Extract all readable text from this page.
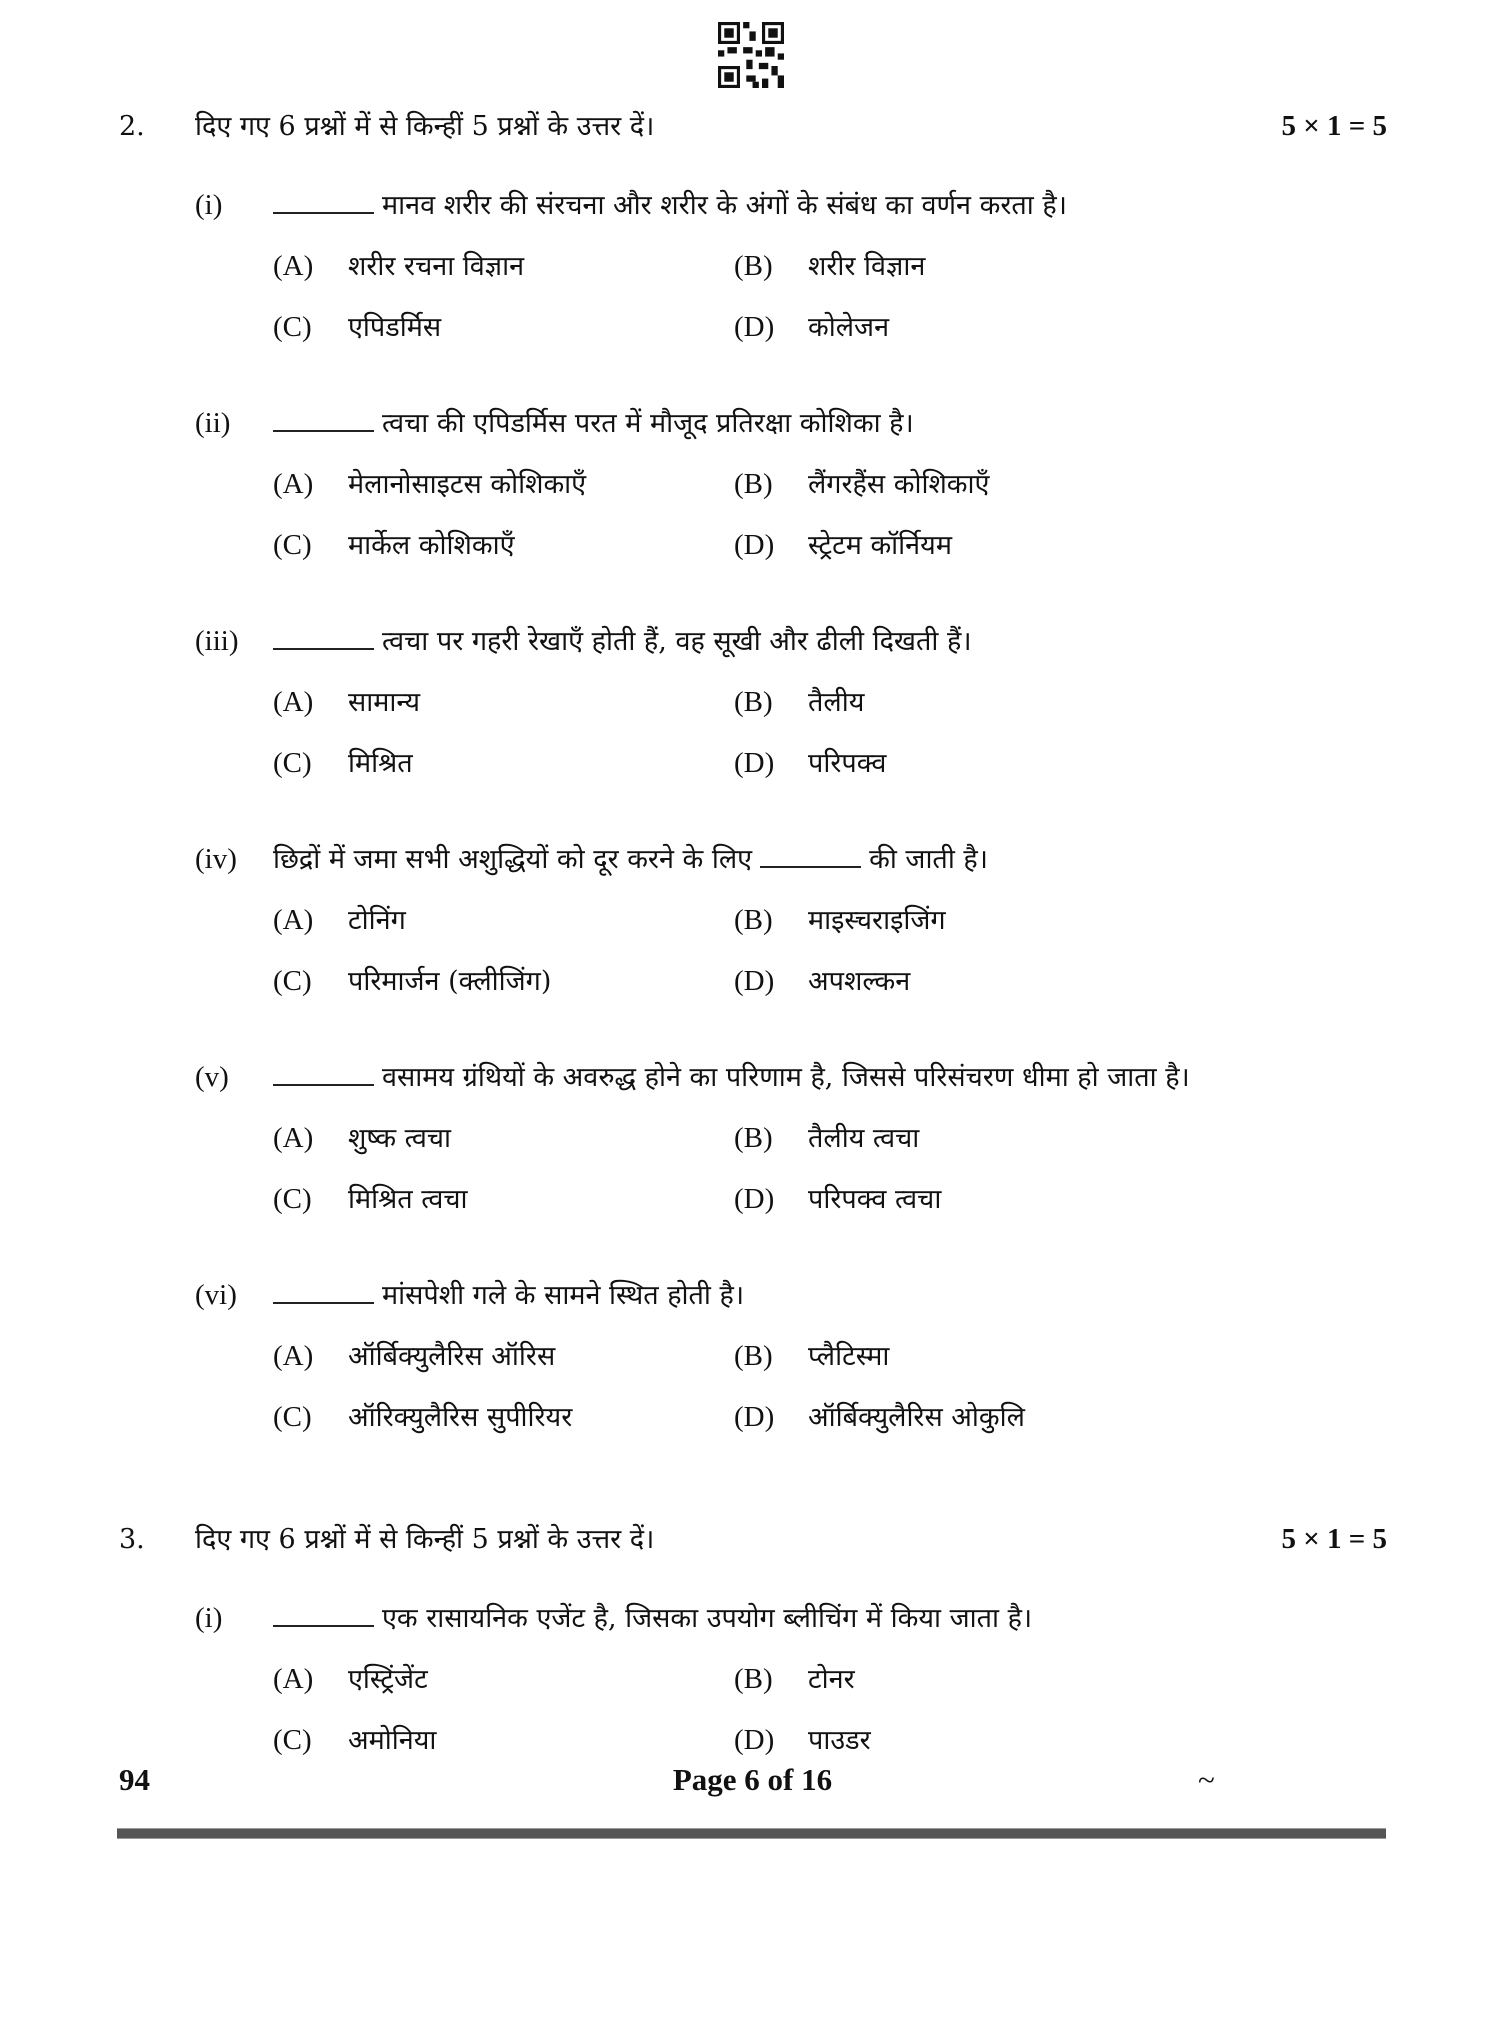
2. दिए गए 6 प्रश्नों में से किन्हीं 5 प्रश्नों के उत्तर दें।	5 × 1 = 5
(i)	मानव शरीर की संरचना और शरीर के अंगों के संबंध का वर्णन करता है।
(A) शरीर रचना विज्ञान	(B) शरीर विज्ञान
(C) एपिडर्मिस	(D) कोलेजन
(ii)	त्वचा की एपिडर्मिस परत में मौजूद प्रतिरक्षा कोशिका है।
(A) मेलानोसाइटस कोशिकाएँ	(B) लैंगरहैंस कोशिकाएँ
(C) मार्केल कोशिकाएँ	(D) स्ट्रेटम कॉर्नियम
(iii)	त्वचा पर गहरी रेखाएँ होती हैं, वह सूखी और ढीली दिखती हैं।
(A) सामान्य	(B) तैलीय
(C) मिश्रित	(D) परिपक्व
(iv) छिद्रों में जमा सभी अशुद्धियों को दूर करने के लिए	की जाती है।
(A) टोनिंग	(B) माइस्चराइजिंग
(C) परिमार्जन (क्लीजिंग)	(D) अपशल्कन
(v)	वसामय ग्रंथियों के अवरुद्ध होने का परिणाम है, जिससे परिसंचरण धीमा हो जाता है।
(A) शुष्क त्वचा	(B) तैलीय त्वचा
(C) मिश्रित त्वचा	(D) परिपक्व त्वचा
(vi)	मांसपेशी गले के सामने स्थित होती है।
(A) ऑर्बिक्युलैरिस ऑरिस	(B) प्लैटिस्मा
(C) ऑरिक्युलैरिस सुपीरियर	(D) ऑर्बिक्युलैरिस ओकुलि
3. दिए गए 6 प्रश्नों में से किन्हीं 5 प्रश्नों के उत्तर दें।	5 × 1 = 5
(i)	एक रासायनिक एजेंट है, जिसका उपयोग ब्लीचिंग में किया जाता है।
(A) एस्ट्रिंजेंट	(B) टोनर
(C) अमोनिया	(D) पाउडर
94	Page 6 of 16	~
